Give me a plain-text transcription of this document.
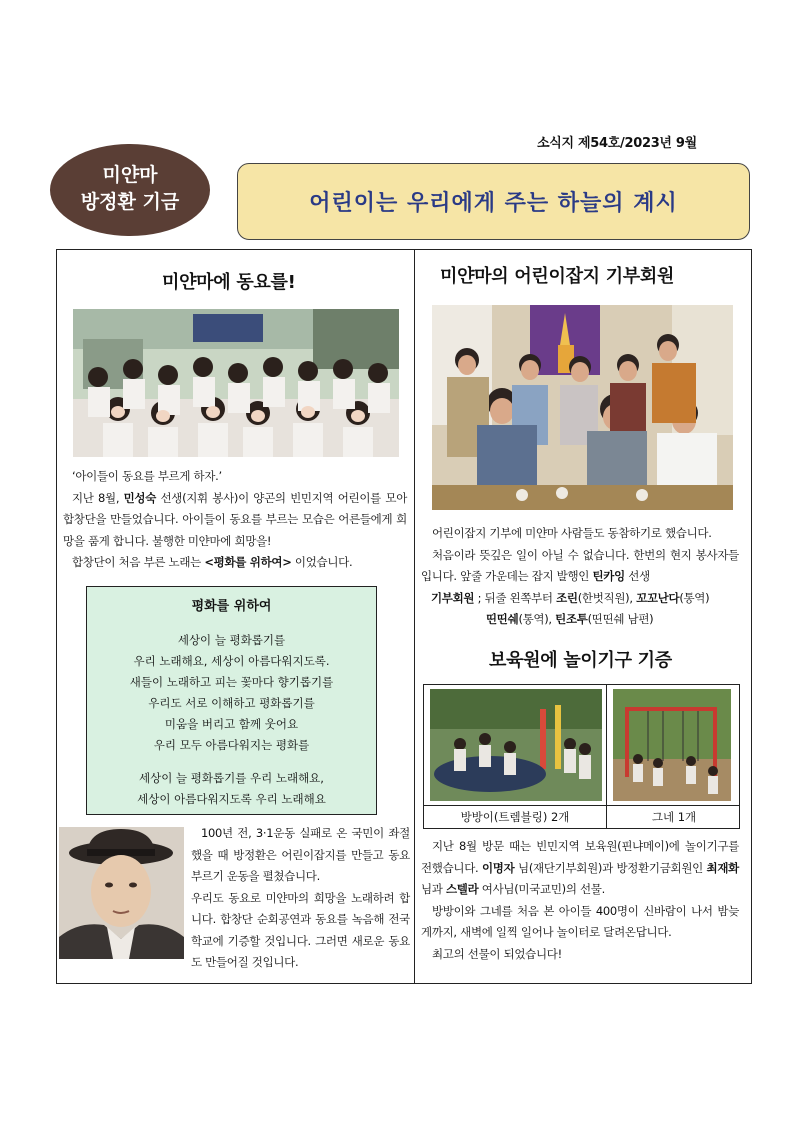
소식지 제54호/2023년 9월
미얀마
방정환 기금	어린이는 우리에게 주는 하늘의 계시
미얀마에 동요를!

‘아이들이 동요를 부르게 하자.’

지난 8월, 민성숙 선생(지휘 봉사)이 양곤의 빈민지역 어린이를 모아 합창단을 만들었습니다. 아이들이 동요를 부르는 모습은 어른들에게 희망을 품게 합니다. 불행한 미얀마에 희망을!

합창단이 처음 부른 노래는 <평화를 위하여> 이었습니다.

평화를 위하여
세상이 늘 평화롭기를
우리 노래해요, 세상이 아름다워지도록.
새들이 노래하고 피는 꽃마다 향기롭기를
우리도 서로 이해하고 평화롭기를
미움을 버리고 함께 웃어요
우리 모두 아름다워지는 평화를
세상이 늘 평화롭기를 우리 노래해요,
세상이 아름다워지도록 우리 노래해요

100년 전, 3·1운동 실패로 온 국민이 좌절했을 때 방정환은 어린이잡지를 만들고 동요 부르기 운동을 펼쳤습니다.

우리도 동요로 미얀마의 희망을 노래하려 합니다. 합창단 순회공연과 동요를 녹음해 전국 학교에 기증할 것입니다. 그러면 새로운 동요도 만들어질 것입니다.

미얀마의 어린이잡지 기부회원

어린이잡지 기부에 미얀마 사람들도 동참하기로 했습니다.

처음이라 뜻깊은 일이 아닐 수 없습니다. 한번의 현지 봉사자들입니다. 앞줄 가운데는 잡지 발행인 틴카잉 선생

기부회원 ; 뒤줄 왼쪽부터 조린(한벗직원), 꼬꼬난다(통역)

띤띤쉐(통역), 틴조투(띤띤쉐 남편)

보육원에 놀이기구 기증
방방이(트렘블링) 2개	그네 1개

지난 8월 방문 때는 빈민지역 보육원(핀냐메이)에 놀이기구를 전했습니다. 이명자 님(재단기부회원)과 방정환기금회원인 최재화 님과 스텔라 여사님(미국교민)의 선물.

방방이와 그네를 처음 본 아이들 400명이 신바람이 나서 밤늦게까지, 새벽에 일찍 일어나 놀이터로 달려온답니다.

최고의 선물이 되었습니다!
